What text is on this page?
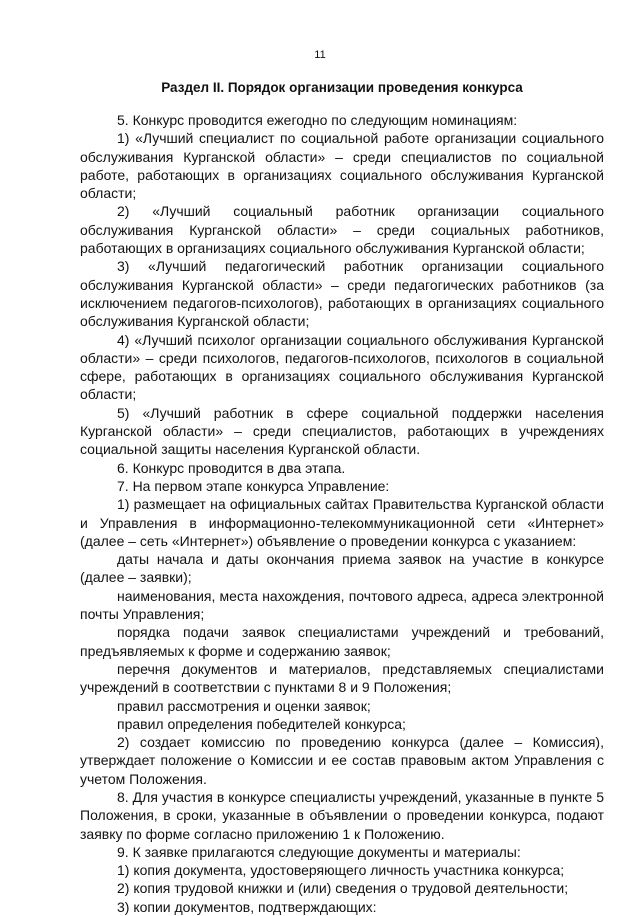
11
Раздел II. Порядок организации проведения конкурса

5. Конкурс проводится ежегодно по следующим номинациям:

1) «Лучший специалист по социальной работе организации социального обслуживания Курганской области» – среди специалистов по социальной работе, работающих в организациях социального обслуживания Курганской области;

2) «Лучший социальный работник организации социального обслуживания Курганской области» – среди социальных работников, работающих в организациях социального обслуживания Курганской области;

3) «Лучший педагогический работник организации социального обслуживания Курганской области» – среди педагогических работников (за исключением педагогов-психологов), работающих в организациях социального обслуживания Курганской области;

4) «Лучший психолог организации социального обслуживания Курганской области» – среди психологов, педагогов-психологов, психологов в социальной сфере, работающих в организациях социального обслуживания Курганской области;

5) «Лучший работник в сфере социальной поддержки населения Курганской области» – среди специалистов, работающих в учреждениях социальной защиты населения Курганской области.

6. Конкурс проводится в два этапа.

7. На первом этапе конкурса Управление:

1) размещает на официальных сайтах Правительства Курганской области и Управления в информационно-телекоммуникационной сети «Интернет» (далее – сеть «Интернет») объявление о проведении конкурса с указанием:

даты начала и даты окончания приема заявок на участие в конкурсе (далее – заявки);

наименования, места нахождения, почтового адреса, адреса электронной почты Управления;

порядка подачи заявок специалистами учреждений и требований, предъявляемых к форме и содержанию заявок;

перечня документов и материалов, представляемых специалистами учреждений в соответствии с пунктами 8 и 9 Положения;

правил рассмотрения и оценки заявок;

правил определения победителей конкурса;

2) создает комиссию по проведению конкурса (далее – Комиссия), утверждает положение о Комиссии и ее состав правовым актом Управления с учетом Положения.

8. Для участия в конкурсе специалисты учреждений, указанные в пункте 5 Положения, в сроки, указанные в объявлении о проведении конкурса, подают заявку по форме согласно приложению 1 к Положению.

9. К заявке прилагаются следующие документы и материалы:

1) копия документа, удостоверяющего личность участника конкурса;

2) копия трудовой книжки и (или) сведения о трудовой деятельности;

3) копии документов, подтверждающих:
